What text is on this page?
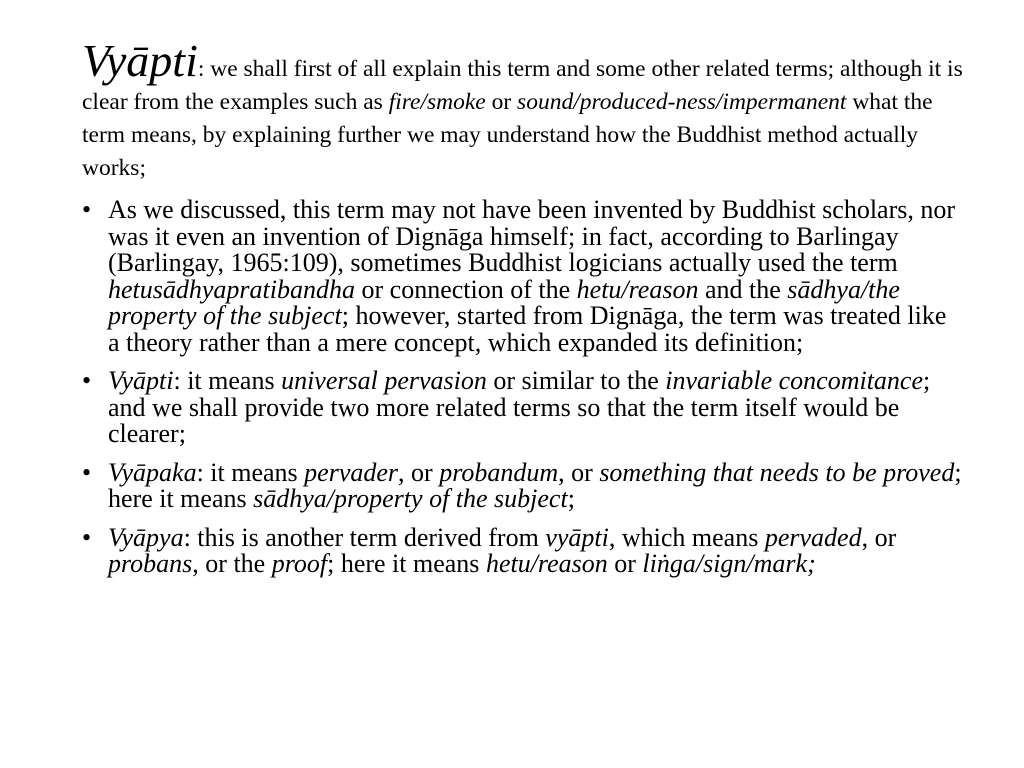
Vyāpti: we shall first of all explain this term and some other related terms; although it is clear from the examples such as fire/smoke or sound/produced-ness/impermanent what the term means, by explaining further we may understand how the Buddhist method actually works;

• As we discussed, this term may not have been invented by Buddhist scholars, nor was it even an invention of Dignāga himself; in fact, according to Barlingay (Barlingay, 1965:109), sometimes Buddhist logicians actually used the term hetusādhyapratibandha or connection of the hetu/reason and the sādhya/the property of the subject; however, started from Dignāga, the term was treated like a theory rather than a mere concept, which expanded its definition;
• Vyāpti: it means universal pervasion or similar to the invariable concomitance; and we shall provide two more related terms so that the term itself would be clearer;
• Vyāpaka: it means pervader, or probandum, or something that needs to be proved; here it means sādhya/property of the subject;
• Vyāpya: this is another term derived from vyāpti, which means pervaded, or probans, or the proof; here it means hetu/reason or liṅga/sign/mark;
